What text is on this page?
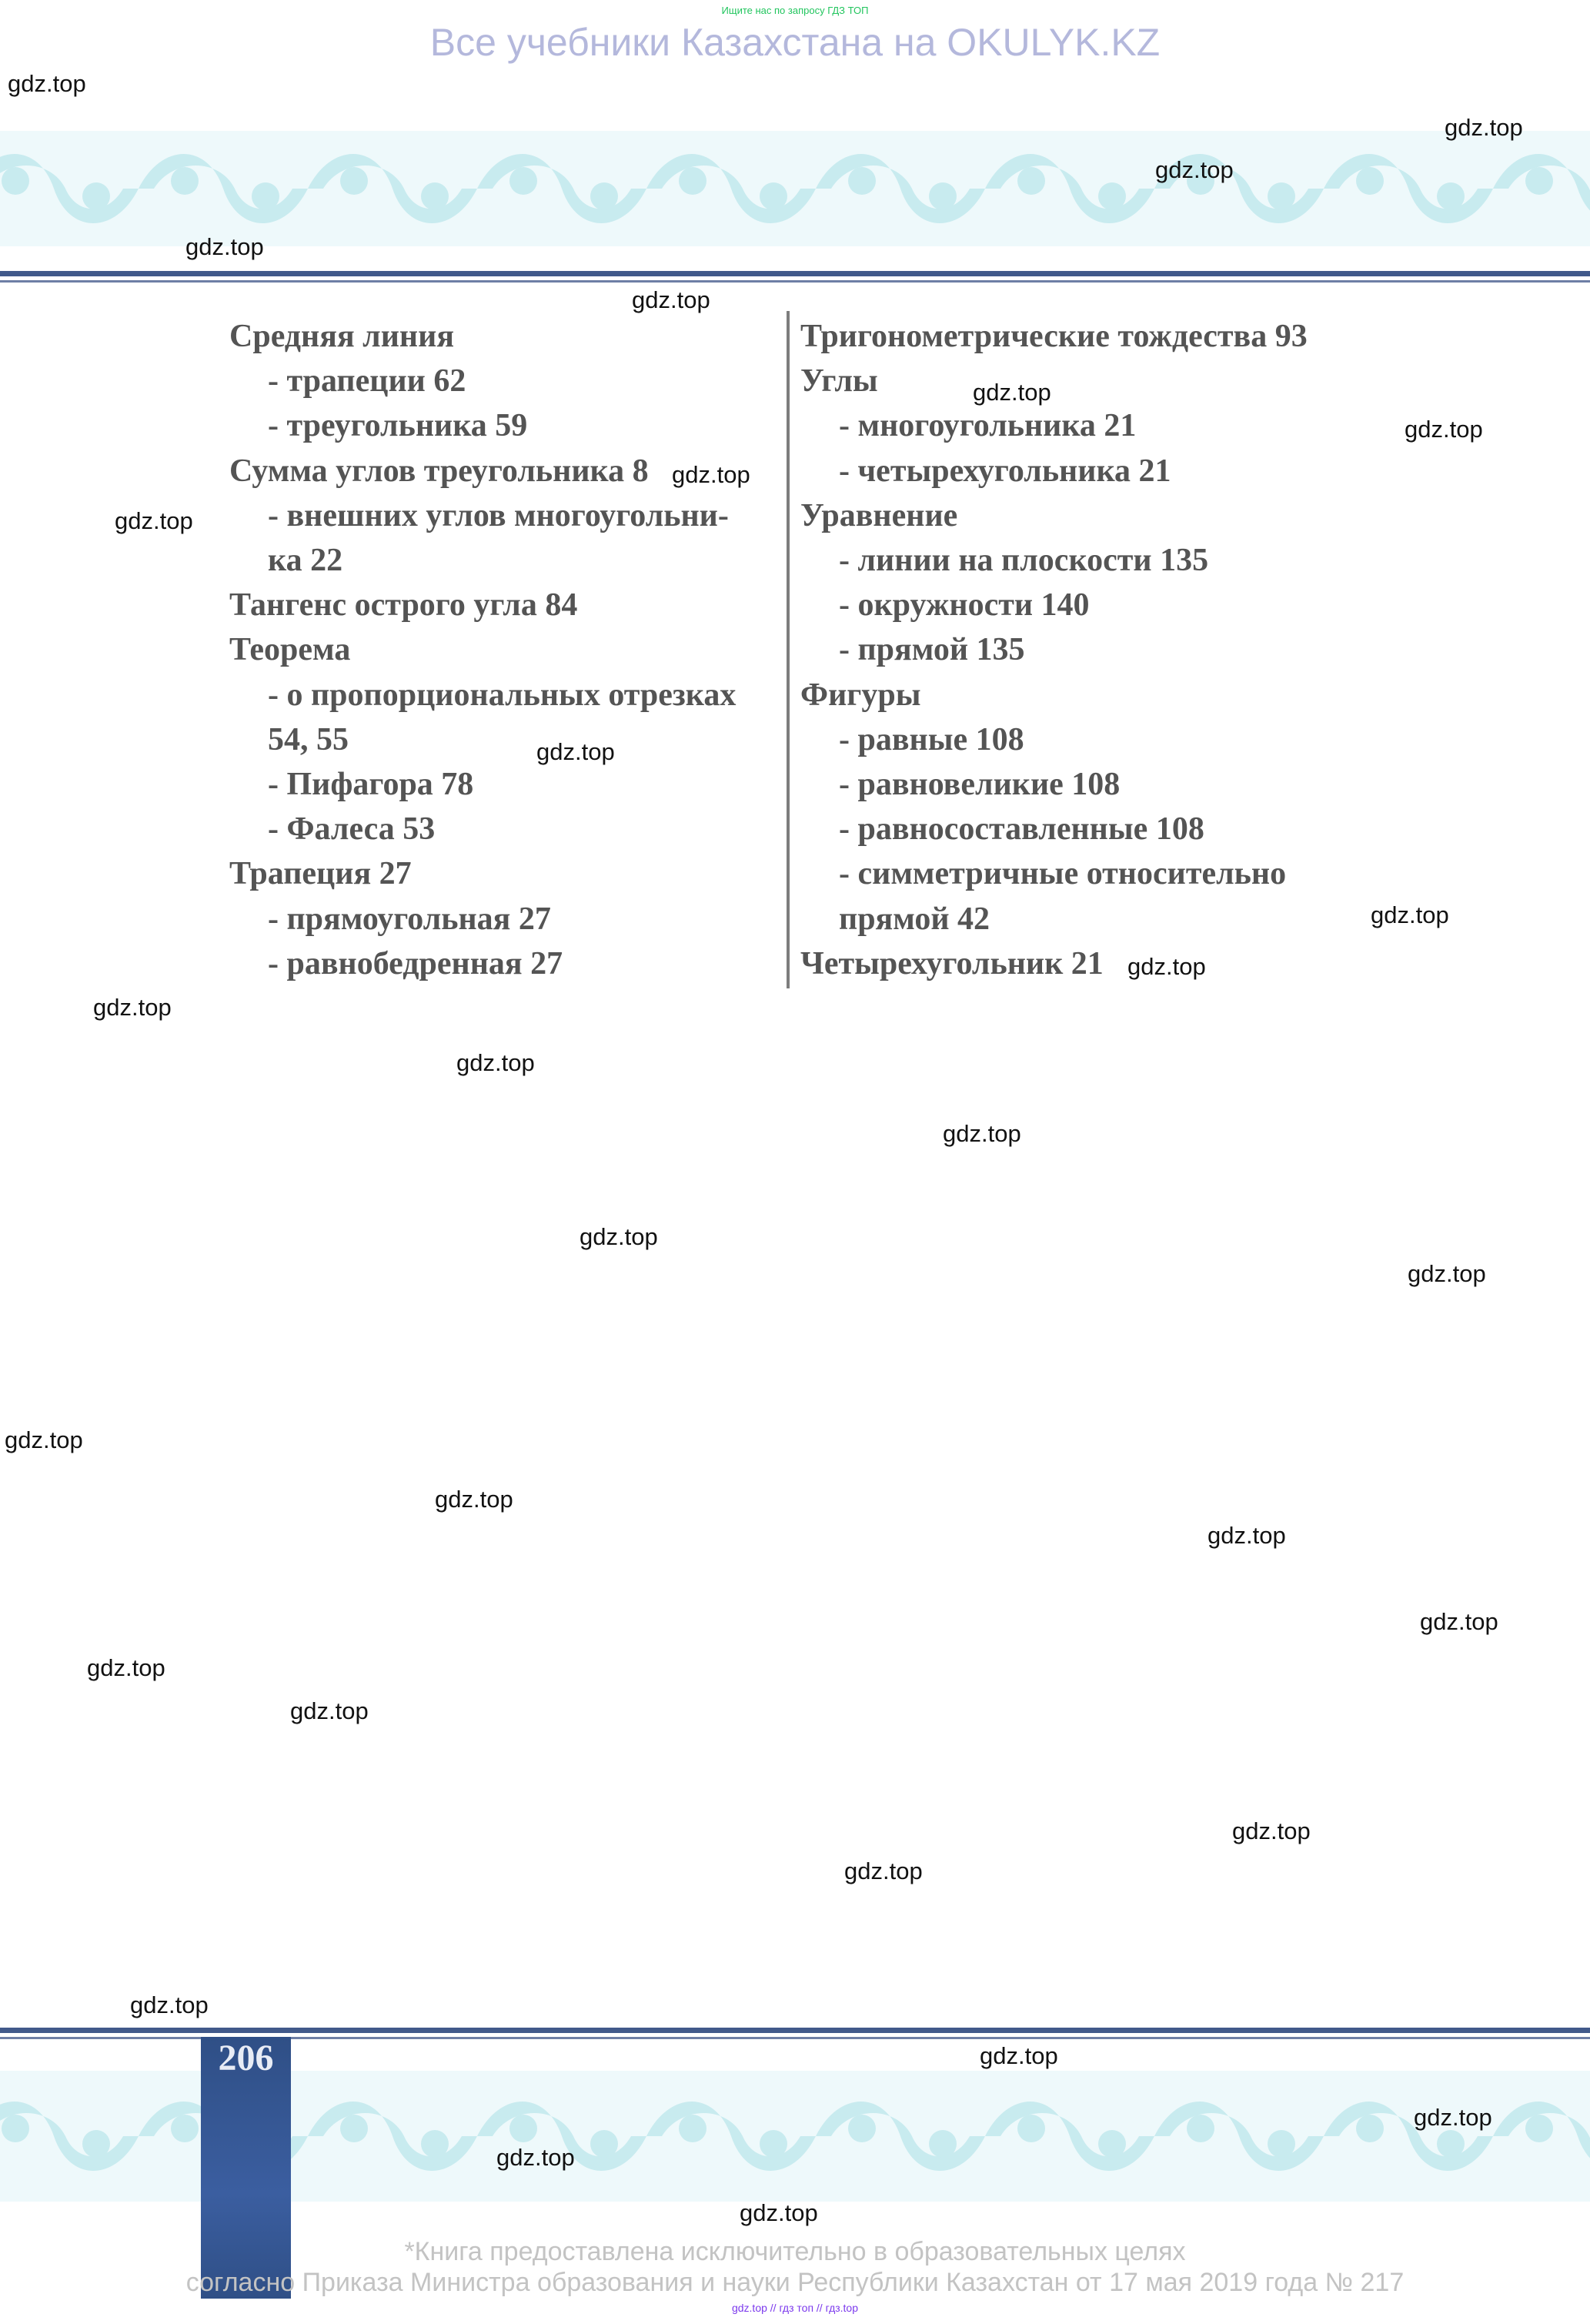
Ищите нас по запросу ГДЗ ТОП
Все учебники Казахстана на OKULYK.KZ
Средняя линия
- трапеции 62
- треугольника 59
Сумма углов треугольника 8
- внешних углов многоугольни-
ка 22
Тангенс острого угла 84
Теорема
- о пропорциональных отрезках
54, 55
- Пифагора 78
- Фалеса 53
Трапеция 27
- прямоугольная 27
- равнобедренная 27
Тригонометрические тождества 93
Углы
- многоугольника 21
- четырехугольника 21
Уравнение
- линии на плоскости 135
- окружности 140
- прямой 135
Фигуры
- равные 108
- равновеликие 108
- равносоставленные 108
- симметричные относительно
прямой 42
Четырехугольник 21
gdz.top
gdz.top
gdz.top
gdz.top
gdz.top
gdz.top
gdz.top
gdz.top
gdz.top
gdz.top
gdz.top
gdz.top
gdz.top
gdz.top
gdz.top
gdz.top
gdz.top
gdz.top
gdz.top
gdz.top
gdz.top
gdz.top
gdz.top
gdz.top
gdz.top
gdz.top
206	gdz.top
gdz.top
gdz.top
gdz.top
*Книга предоставлена исключительно в образовательных целях
согласно Приказа Министра образования и науки Республики Казахстан от 17 мая 2019 года № 217
gdz.top // гдз топ // гдз.top
